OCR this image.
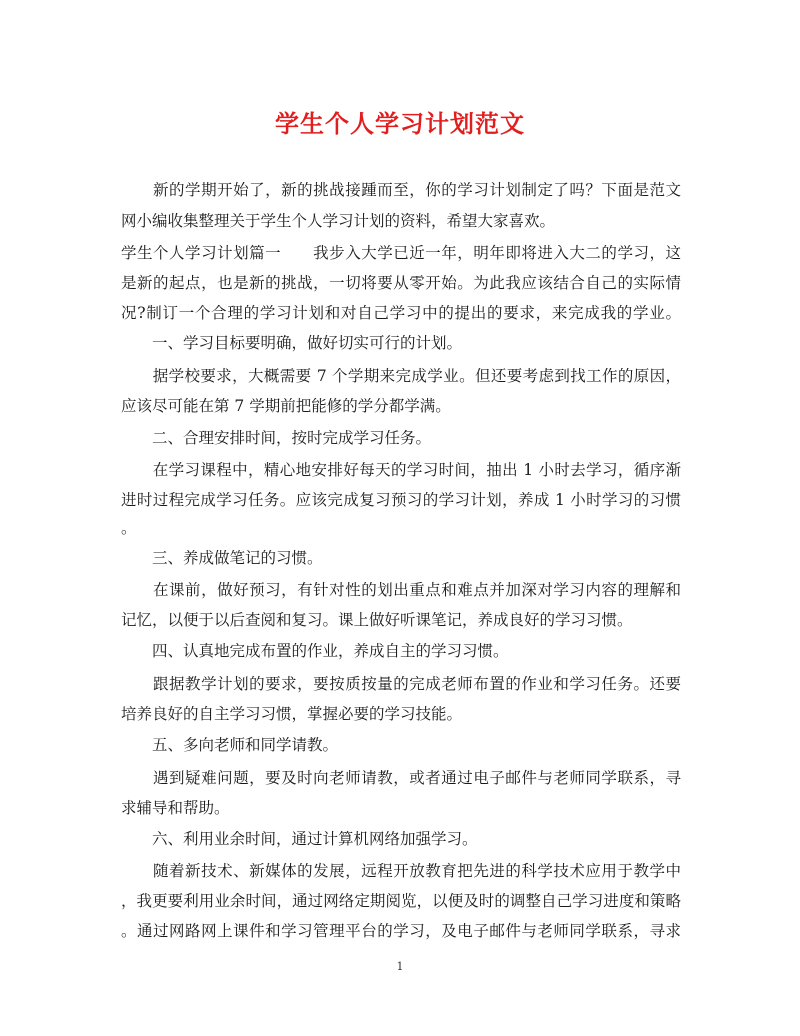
学生个人学习计划范文
　　新的学期开始了，新的挑战接踵而至，你的学习计划制定了吗？下面是范文
网小编收集整理关于学生个人学习计划的资料，希望大家喜欢。
学生个人学习计划篇一　　我步入大学已近一年，明年即将进入大二的学习，这
是新的起点，也是新的挑战，一切将要从零开始。为此我应该结合自己的实际情
况?制订一个合理的学习计划和对自己学习中的提出的要求，来完成我的学业。
　　一、学习目标要明确，做好切实可行的计划。
　　据学校要求，大概需要 7 个学期来完成学业。但还要考虑到找工作的原因，
应该尽可能在第 7 学期前把能修的学分都学满。
　　二、合理安排时间，按时完成学习任务。
　　在学习课程中，精心地安排好每天的学习时间，抽出 1 小时去学习，循序渐
进时过程完成学习任务。应该完成复习预习的学习计划，养成 1 小时学习的习惯
。
　　三、养成做笔记的习惯。
　　在课前，做好预习，有针对性的划出重点和难点并加深对学习内容的理解和
记忆，以便于以后查阅和复习。课上做好听课笔记，养成良好的学习习惯。
　　四、认真地完成布置的作业，养成自主的学习习惯。
　　跟据教学计划的要求，要按质按量的完成老师布置的作业和学习任务。还要
培养良好的自主学习习惯，掌握必要的学习技能。
　　五、多向老师和同学请教。
　　遇到疑难问题，要及时向老师请教，或者通过电子邮件与老师同学联系，寻
求辅导和帮助。
　　六、利用业余时间，通过计算机网络加强学习。
　　随着新技术、新媒体的发展，远程开放教育把先进的科学技术应用于教学中
，我更要利用业余时间，通过网络定期阅览，以便及时的调整自己学习进度和策略
。通过网路网上课件和学习管理平台的学习，及电子邮件与老师同学联系，寻求
1
